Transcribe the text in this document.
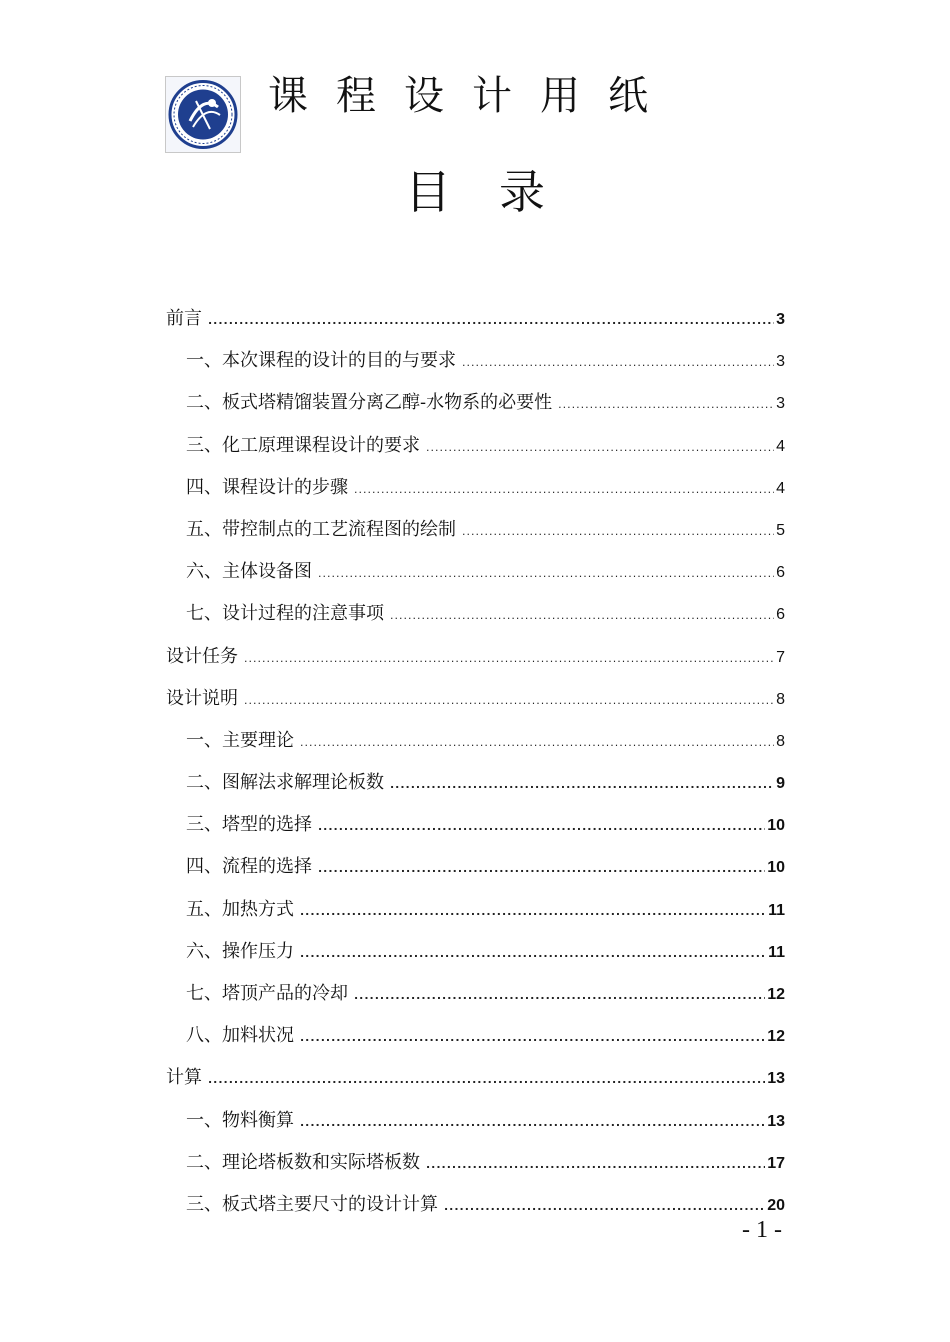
课程设计用纸
目录
前言 .....	3
一、本次课程的设计的目的与要求 .....	3
二、板式塔精馏装置分离乙醇-水物系的必要性 .....	3
三、化工原理课程设计的要求 .....	4
四、课程设计的步骤 .....	4
五、带控制点的工艺流程图的绘制 .....	5
六、主体设备图 .....	6
七、设计过程的注意事项 .....	6
设计任务 .....	7
设计说明 .....	8
一、主要理论 .....	8
二、图解法求解理论板数 .....	9
三、塔型的选择 .....	10
四、流程的选择 .....	10
五、加热方式 .....	11
六、操作压力 .....	11
七、塔顶产品的冷却 .....	12
八、加料状况 .....	12
计算 .....	13
一、物料衡算 .....	13
二、理论塔板数和实际塔板数 .....	17
三、板式塔主要尺寸的设计计算 .....	20
- 1 -
